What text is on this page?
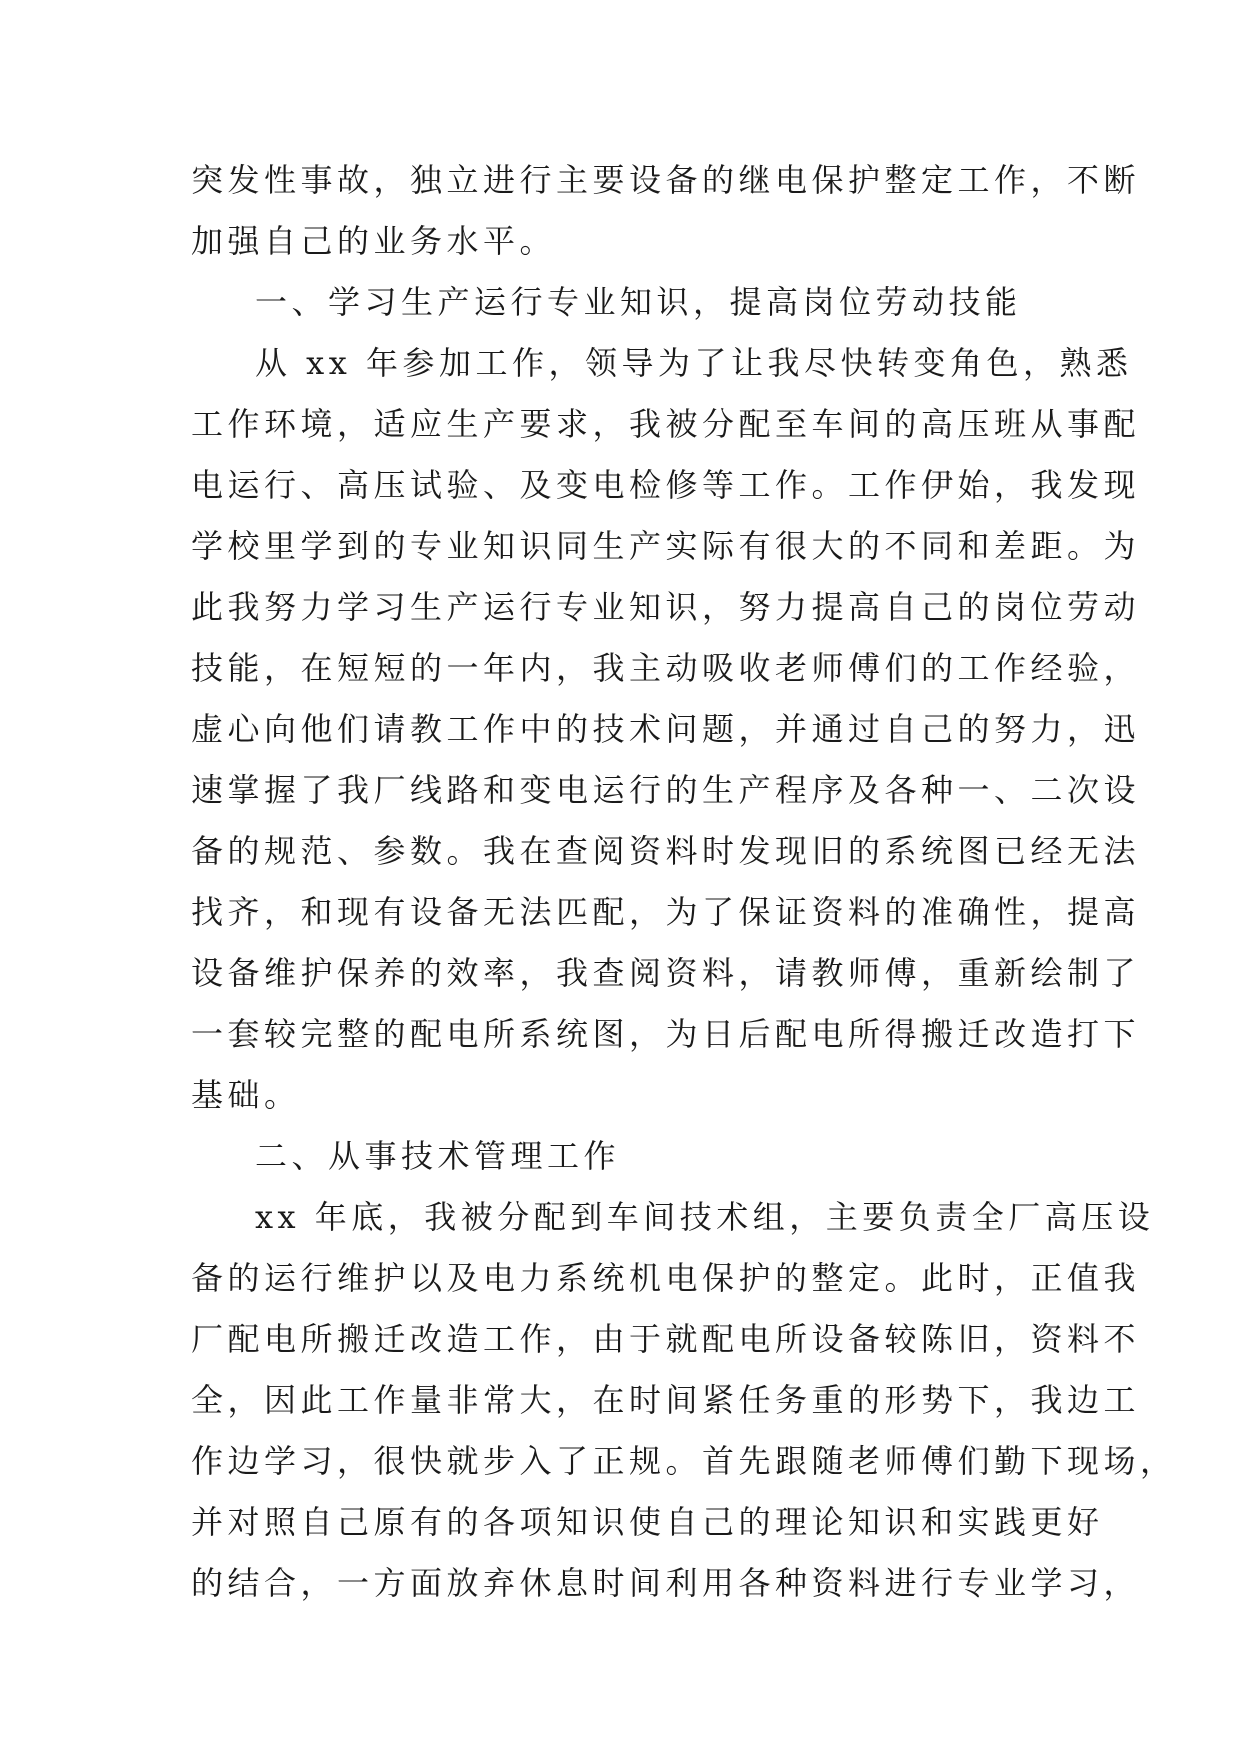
突发性事故，独立进行主要设备的继电保护整定工作，不断
加强自己的业务水平。
一、学习生产运行专业知识，提高岗位劳动技能
从 xx 年参加工作，领导为了让我尽快转变角色，熟悉
工作环境，适应生产要求，我被分配至车间的高压班从事配
电运行、高压试验、及变电检修等工作。工作伊始，我发现
学校里学到的专业知识同生产实际有很大的不同和差距。为
此我努力学习生产运行专业知识，努力提高自己的岗位劳动
技能，在短短的一年内，我主动吸收老师傅们的工作经验，
虚心向他们请教工作中的技术问题，并通过自己的努力，迅
速掌握了我厂线路和变电运行的生产程序及各种一、二次设
备的规范、参数。我在查阅资料时发现旧的系统图已经无法
找齐，和现有设备无法匹配，为了保证资料的准确性，提高
设备维护保养的效率，我查阅资料，请教师傅，重新绘制了
一套较完整的配电所系统图，为日后配电所得搬迁改造打下
基础。
二、从事技术管理工作
xx 年底，我被分配到车间技术组，主要负责全厂高压设
备的运行维护以及电力系统机电保护的整定。此时，正值我
厂配电所搬迁改造工作，由于就配电所设备较陈旧，资料不
全，因此工作量非常大，在时间紧任务重的形势下，我边工
作边学习，很快就步入了正规。首先跟随老师傅们勤下现场，
并对照自己原有的各项知识使自己的理论知识和实践更好
的结合，一方面放弃休息时间利用各种资料进行专业学习，
